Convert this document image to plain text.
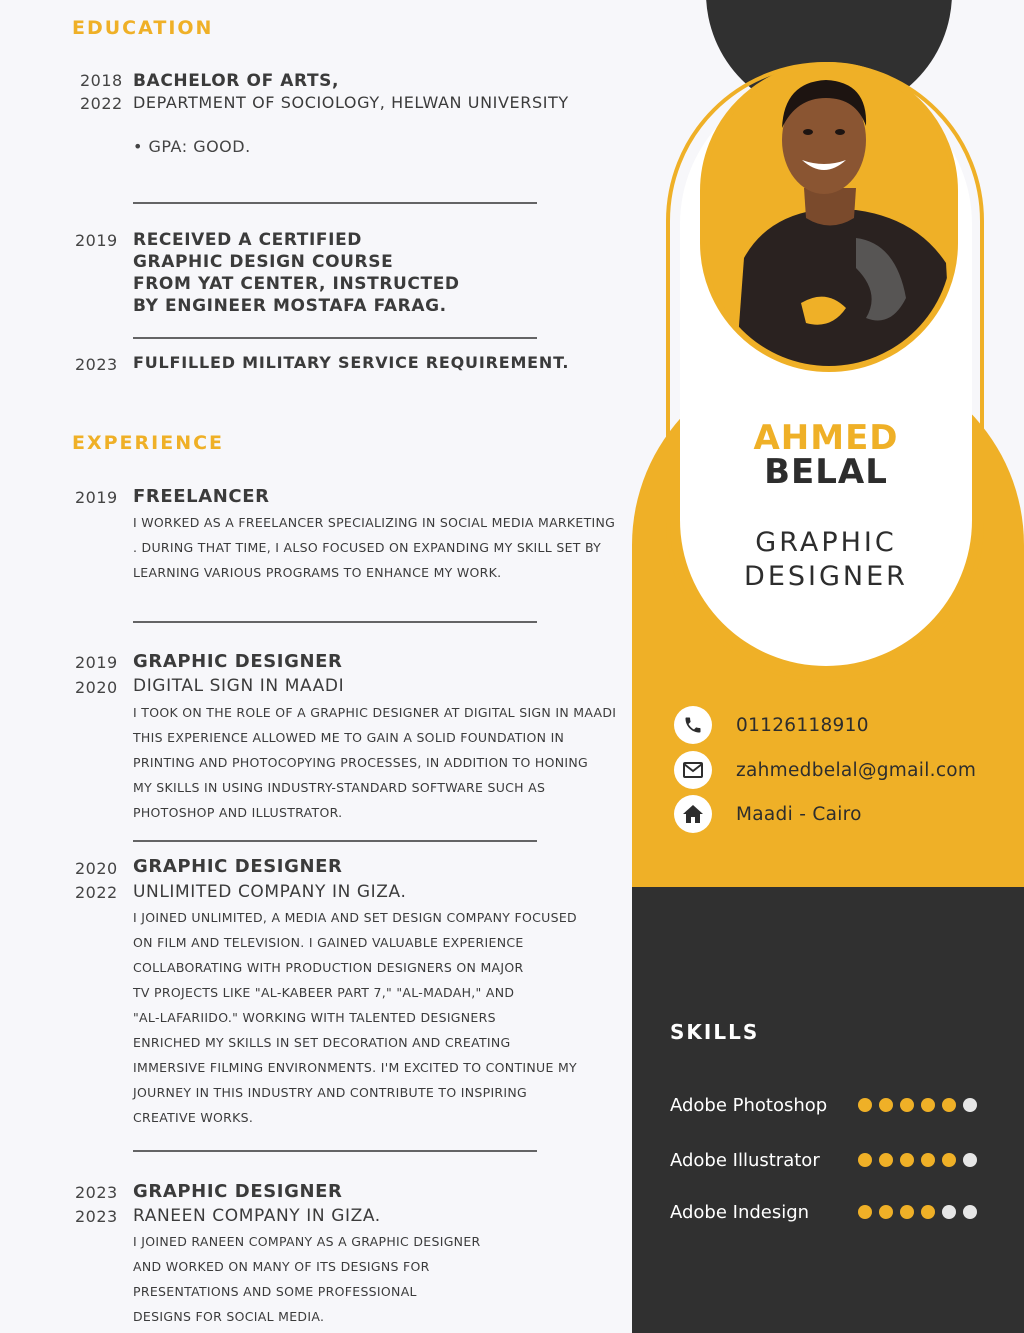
EDUCATION
2018
2022
BACHELOR OF ARTS,
DEPARTMENT OF SOCIOLOGY, HELWAN UNIVERSITY
• GPA: GOOD.
2019 RECEIVED A CERTIFIED
GRAPHIC DESIGN COURSE
FROM YAT CENTER, INSTRUCTED
BY ENGINEER MOSTAFA FARAG.
2023 FULFILLED MILITARY SERVICE REQUIREMENT.
EXPERIENCE
2019 FREELANCER
I WORKED AS A FREELANCER SPECIALIZING IN SOCIAL MEDIA MARKETING
. DURING THAT TIME, I ALSO FOCUSED ON EXPANDING MY SKILL SET BY
LEARNING VARIOUS PROGRAMS TO ENHANCE MY WORK.
2019
2020
GRAPHIC DESIGNER
DIGITAL SIGN IN MAADI
I TOOK ON THE ROLE OF A GRAPHIC DESIGNER AT DIGITAL SIGN IN MAADI
THIS EXPERIENCE ALLOWED ME TO GAIN A SOLID FOUNDATION IN
PRINTING AND PHOTOCOPYING PROCESSES, IN ADDITION TO HONING
MY SKILLS IN USING INDUSTRY-STANDARD SOFTWARE SUCH AS
PHOTOSHOP AND ILLUSTRATOR.
2020
2022
GRAPHIC DESIGNER
UNLIMITED COMPANY IN GIZA.
I JOINED UNLIMITED, A MEDIA AND SET DESIGN COMPANY FOCUSED
ON FILM AND TELEVISION. I GAINED VALUABLE EXPERIENCE
COLLABORATING WITH PRODUCTION DESIGNERS ON MAJOR
TV PROJECTS LIKE "AL-KABEER PART 7," "AL-MADAH," AND
"AL-LAFARIIDO." WORKING WITH TALENTED DESIGNERS
ENRICHED MY SKILLS IN SET DECORATION AND CREATING
IMMERSIVE FILMING ENVIRONMENTS. I'M EXCITED TO CONTINUE MY
JOURNEY IN THIS INDUSTRY AND CONTRIBUTE TO INSPIRING
CREATIVE WORKS.
2023
2023
GRAPHIC DESIGNER
RANEEN COMPANY IN GIZA.
I JOINED RANEEN COMPANY AS A GRAPHIC DESIGNER
AND WORKED ON MANY OF ITS DESIGNS FOR
PRESENTATIONS AND SOME PROFESSIONAL
DESIGNS FOR SOCIAL MEDIA.
AHMED
BELAL
GRAPHIC
DESIGNER
01126118910
zahmedbelal@gmail.com
Maadi - Cairo
SKILLS
Adobe Photoshop
Adobe Illustrator
Adobe Indesign
